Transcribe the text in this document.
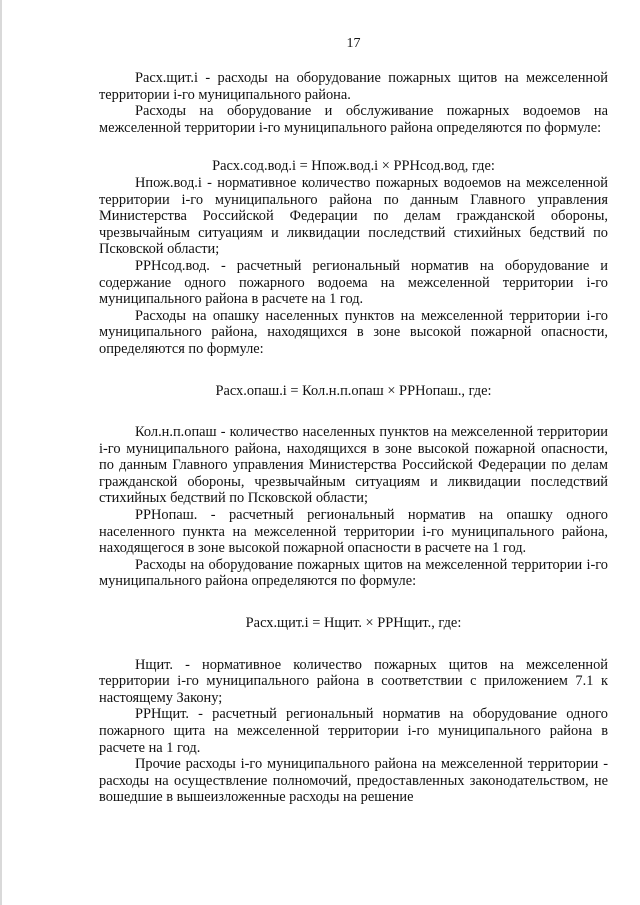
17

Расх.щит.i - расходы на оборудование пожарных щитов на межселенной территории i-го муниципального района.

Расходы на оборудование и обслуживание пожарных водоемов на межселенной территории i-го муниципального района определяются по формуле:

Расх.сод.вод.i = Нпож.вод.i × РРНсод.вод, где:

Нпож.вод.i - нормативное количество пожарных водоемов на межселенной территории i-го муниципального района по данным Главного управления Министерства Российской Федерации по делам гражданской обороны, чрезвычайным ситуациям и ликвидации последствий стихийных бедствий по Псковской области;

РРНсод.вод. - расчетный региональный норматив на оборудование и содержание одного пожарного водоема на межселенной территории i-го муниципального района в расчете на 1 год.

Расходы на опашку населенных пунктов на межселенной территории i-го муниципального района, находящихся в зоне высокой пожарной опасности, определяются по формуле:

Расх.опаш.i = Кол.н.п.опаш × РРНопаш., где:

Кол.н.п.опаш - количество населенных пунктов на межселенной территории i-го муниципального района, находящихся в зоне высокой пожарной опасности, по данным Главного управления Министерства Российской Федерации по делам гражданской обороны, чрезвычайным ситуациям и ликвидации последствий стихийных бедствий по Псковской области;

РРНопаш. - расчетный региональный норматив на опашку одного населенного пункта на межселенной территории i-го муниципального района, находящегося в зоне высокой пожарной опасности в расчете на 1 год.

Расходы на оборудование пожарных щитов на межселенной территории i-го муниципального района определяются по формуле:

Расх.щит.i = Нщит. × РРНщит., где:

Нщит. - нормативное количество пожарных щитов на межселенной территории i-го муниципального района в соответствии с приложением 7.1 к настоящему Закону;

РРНщит. - расчетный региональный норматив на оборудование одного пожарного щита на межселенной территории i-го муниципального района в расчете на 1 год.

Прочие расходы i-го муниципального района на межселенной территории - расходы на осуществление полномочий, предоставленных законодательством, не вошедшие в вышеизложенные расходы на решение
